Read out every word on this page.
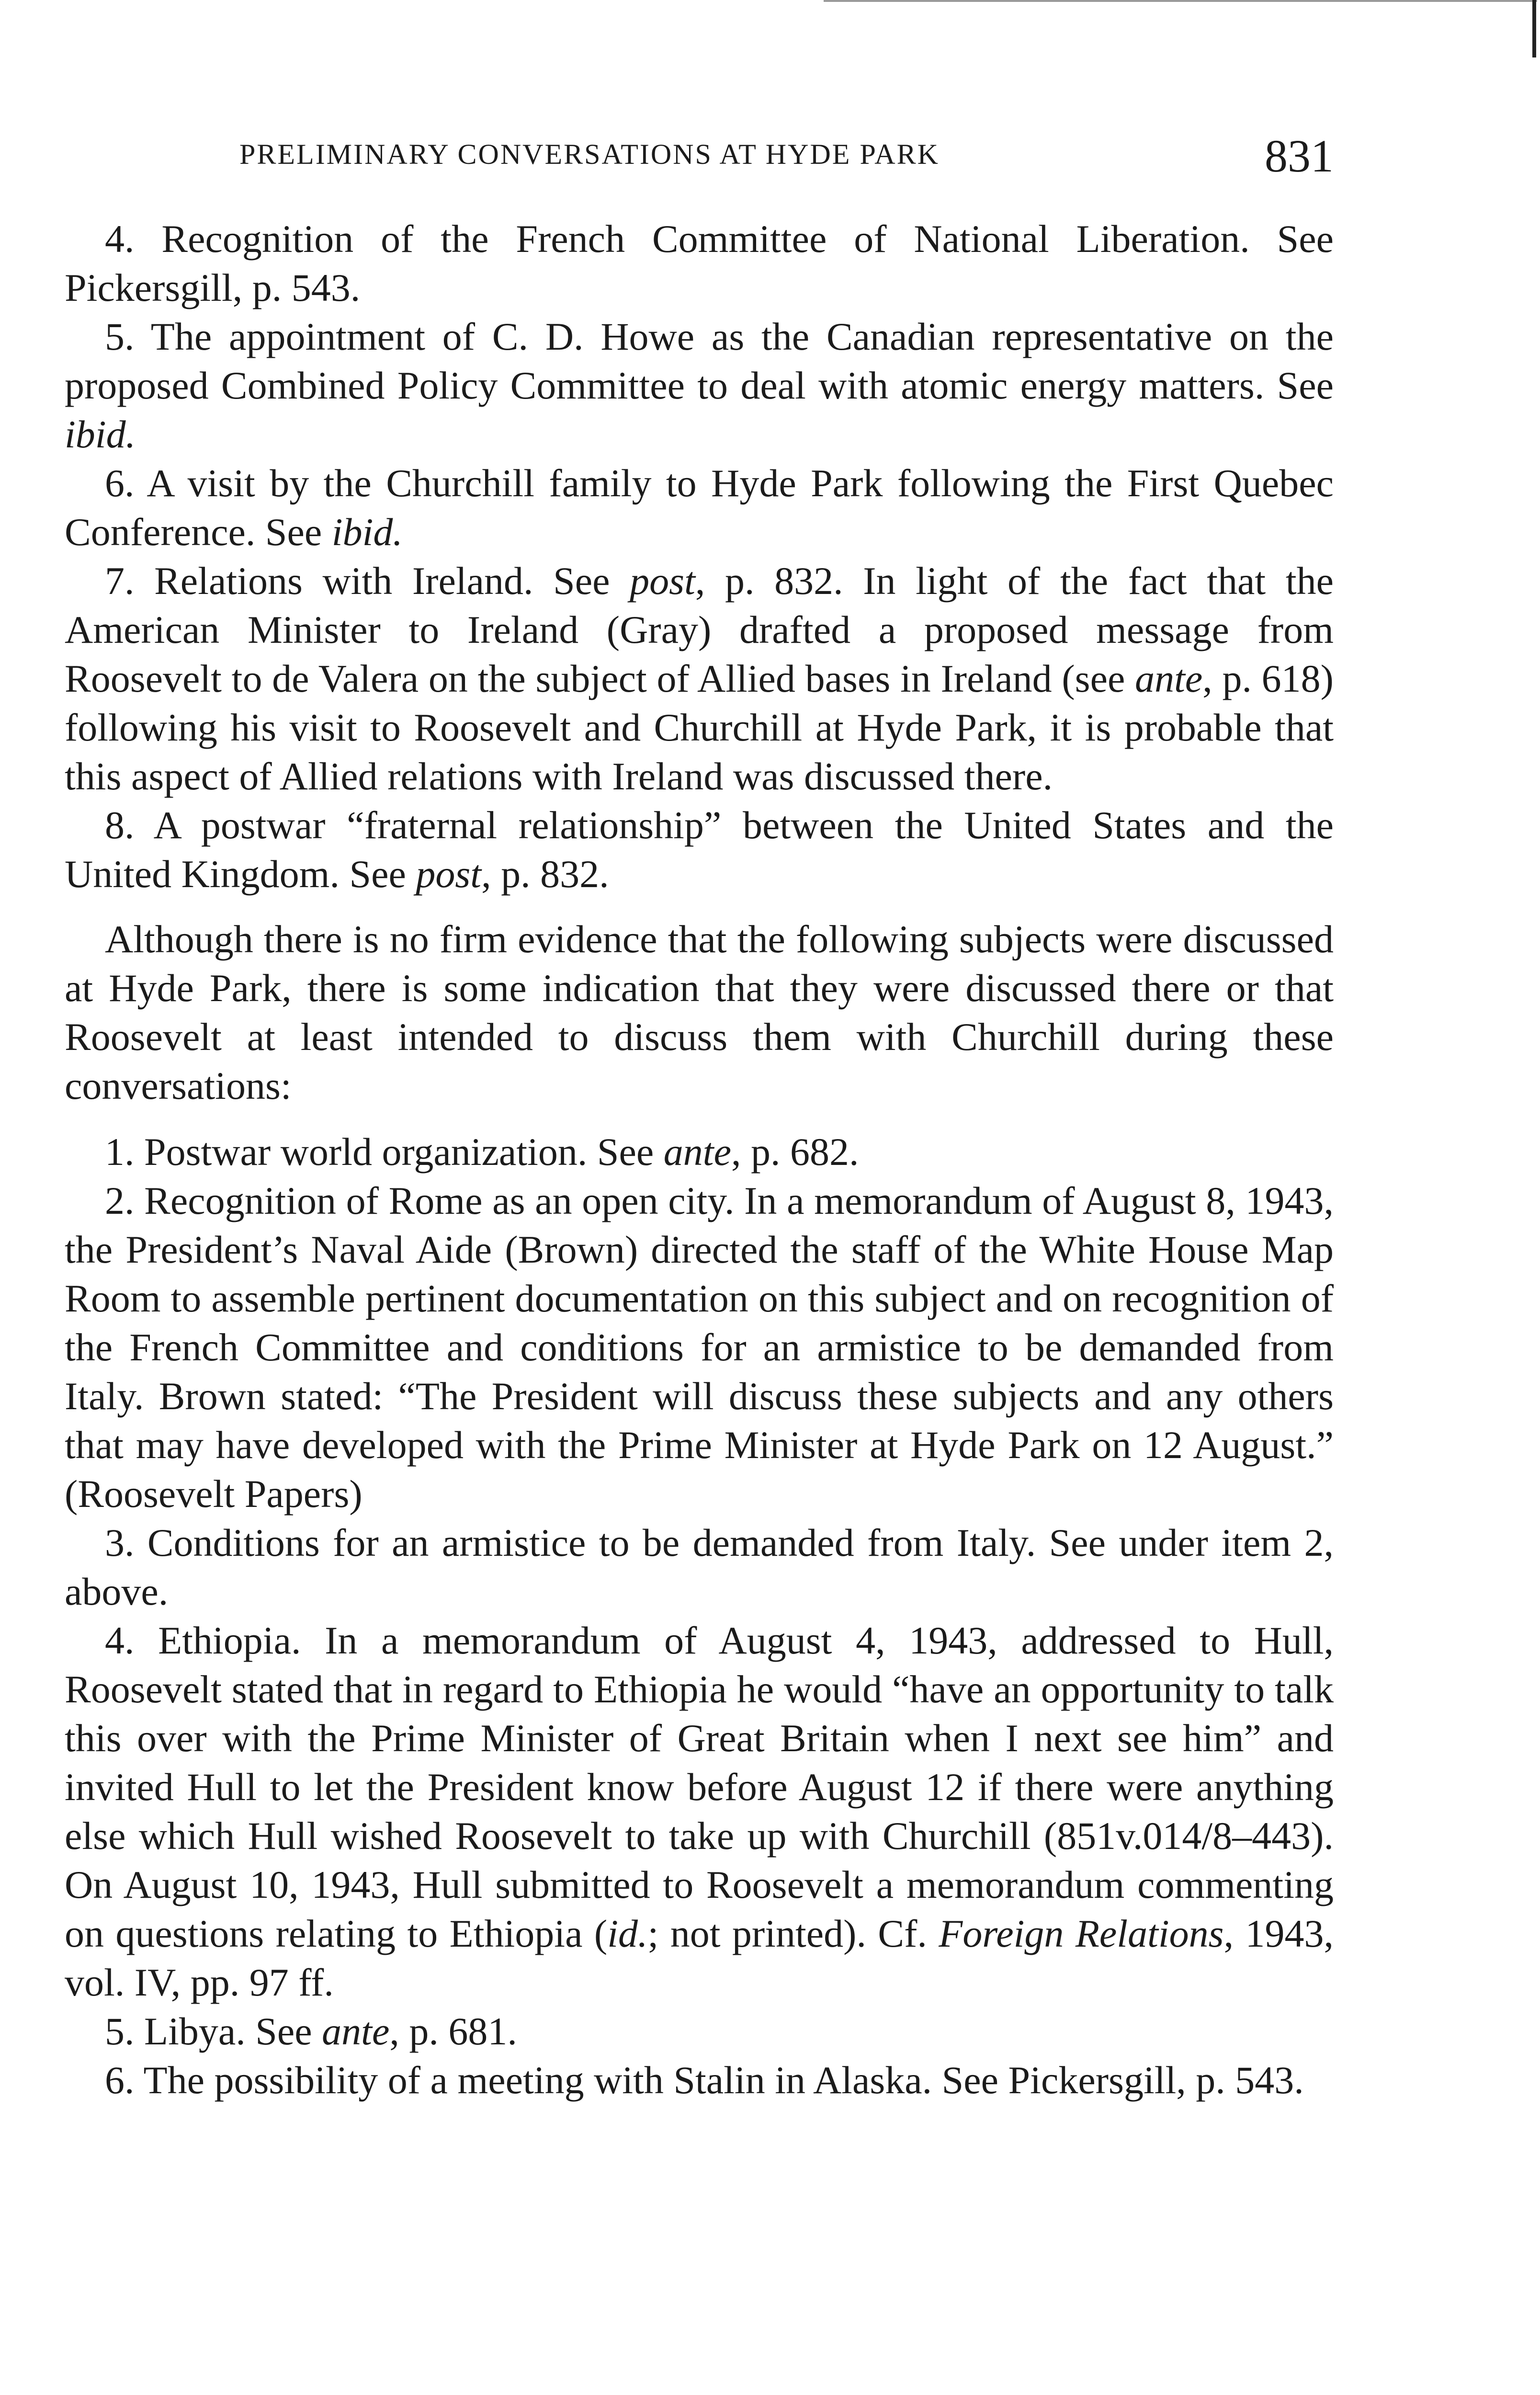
PRELIMINARY CONVERSATIONS AT HYDE PARK	831

4. Recognition of the French Committee of National Liberation. See Pickersgill, p. 543.

5. The appointment of C. D. Howe as the Canadian representative on the proposed Combined Policy Committee to deal with atomic energy matters. See ibid.

6. A visit by the Churchill family to Hyde Park following the First Quebec Conference. See ibid.

7. Relations with Ireland. See post, p. 832. In light of the fact that the American Minister to Ireland (Gray) drafted a proposed message from Roosevelt to de Valera on the subject of Allied bases in Ireland (see ante, p. 618) following his visit to Roosevelt and Churchill at Hyde Park, it is probable that this aspect of Allied relations with Ireland was discussed there.

8. A postwar “fraternal relationship” between the United States and the United Kingdom. See post, p. 832.

Although there is no firm evidence that the following subjects were discussed at Hyde Park, there is some indication that they were discussed there or that Roosevelt at least intended to discuss them with Churchill during these conversations:

1. Postwar world organization. See ante, p. 682.

2. Recognition of Rome as an open city. In a memorandum of August 8, 1943, the President’s Naval Aide (Brown) directed the staff of the White House Map Room to assemble pertinent documentation on this subject and on recognition of the French Committee and conditions for an armistice to be demanded from Italy. Brown stated: “The President will discuss these subjects and any others that may have developed with the Prime Minister at Hyde Park on 12 August.” (Roosevelt Papers)

3. Conditions for an armistice to be demanded from Italy. See under item 2, above.

4. Ethiopia. In a memorandum of August 4, 1943, addressed to Hull, Roosevelt stated that in regard to Ethiopia he would “have an opportunity to talk this over with the Prime Minister of Great Britain when I next see him” and invited Hull to let the President know before August 12 if there were anything else which Hull wished Roosevelt to take up with Churchill (851v.014/8–443). On August 10, 1943, Hull submitted to Roosevelt a memorandum commenting on questions relating to Ethiopia (id.; not printed). Cf. Foreign Relations, 1943, vol. IV, pp. 97 ff.

5. Libya. See ante, p. 681.

6. The possibility of a meeting with Stalin in Alaska. See Pickersgill, p. 543.
